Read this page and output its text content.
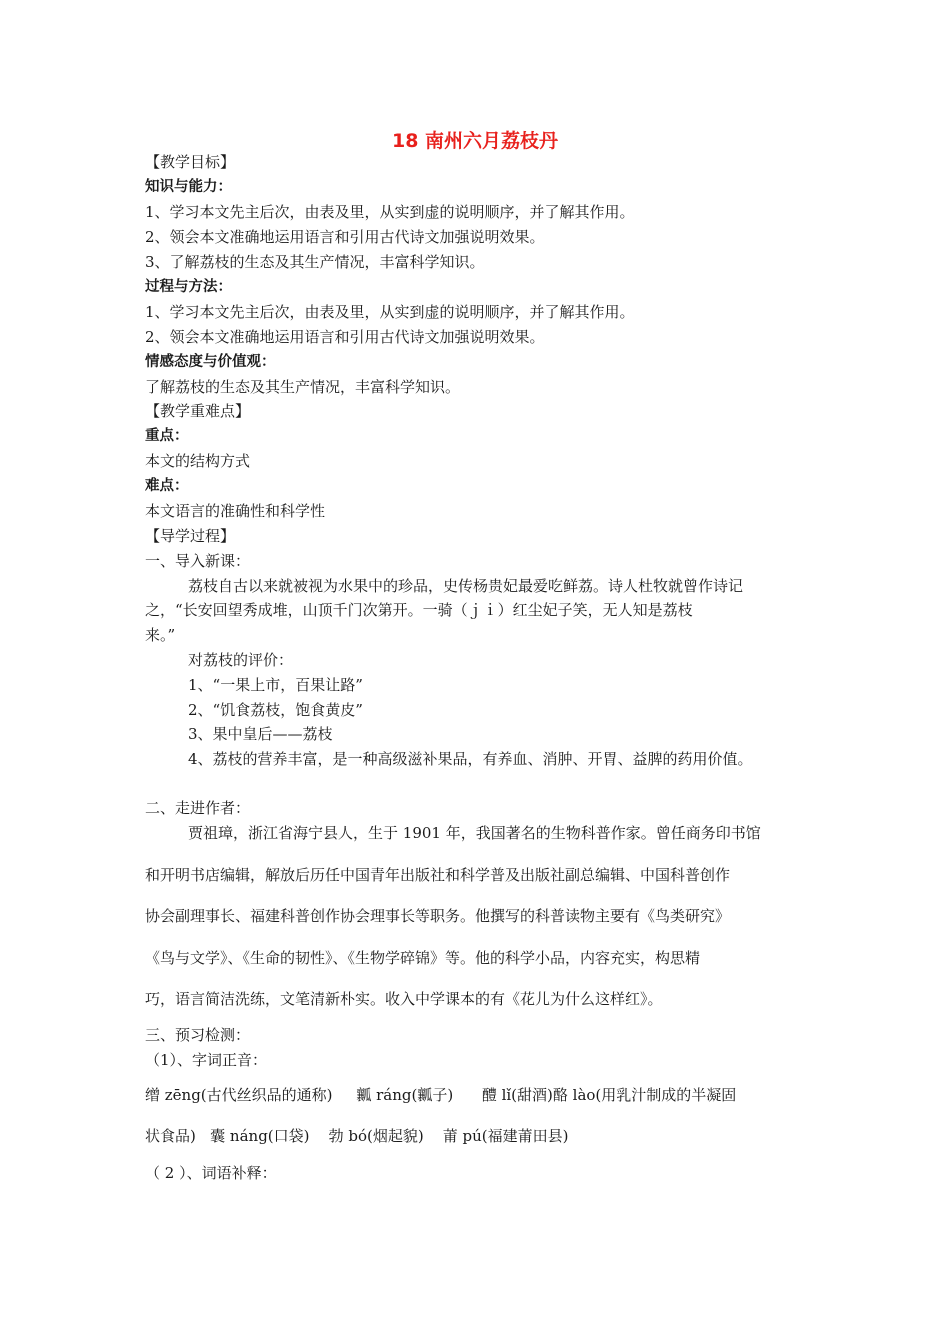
18 南州六月荔枝丹
【教学目标】
知识与能力：
1、学习本文先主后次，由表及里，从实到虚的说明顺序，并了解其作用。
2、领会本文准确地运用语言和引用古代诗文加强说明效果。
3、了解荔枝的生态及其生产情况，丰富科学知识。
过程与方法：
1、学习本文先主后次，由表及里，从实到虚的说明顺序，并了解其作用。
2、领会本文准确地运用语言和引用古代诗文加强说明效果。
情感态度与价值观：
了解荔枝的生态及其生产情况，丰富科学知识。
【教学重难点】
重点：
本文的结构方式
难点：
本文语言的准确性和科学性
【导学过程】
一、导入新课：
荔枝自古以来就被视为水果中的珍品，史传杨贵妃最爱吃鲜荔。诗人杜牧就曾作诗记
之，“长安回望秀成堆，山顶千门次第开。一骑（ｊｉ）红尘妃子笑，无人知是荔枝
来。”
对荔枝的评价：
1、“一果上市，百果让路”
2、“饥食荔枝，饱食黄皮”
3、果中皇后——荔枝
4、荔枝的营养丰富，是一种高级滋补果品，有养血、消肿、开胃、益脾的药用价值。
二、走进作者：
贾祖璋，浙江省海宁县人，生于 1901 年，我国著名的生物科普作家。曾任商务印书馆
和开明书店编辑，解放后历任中国青年出版社和科学普及出版社副总编辑、中国科普创作
协会副理事长、福建科普创作协会理事长等职务。他撰写的科普读物主要有《鸟类研究》
《鸟与文学》、《生命的韧性》、《生物学碎锦》等。他的科学小品，内容充实，构思精
巧，语言简洁洗练，文笔清新朴实。收入中学课本的有《花儿为什么这样红》。
三、预习检测：
（1）、字词正音：
缯 zēng(古代丝织品的通称)     瓤 ráng(瓤子)      醴 lǐ(甜酒)酪 lào(用乳汁制成的半凝固
状食品)   囊 náng(口袋)    勃 bó(烟起貌)    莆 pú(福建莆田县)
（ 2 ）、词语补释：
